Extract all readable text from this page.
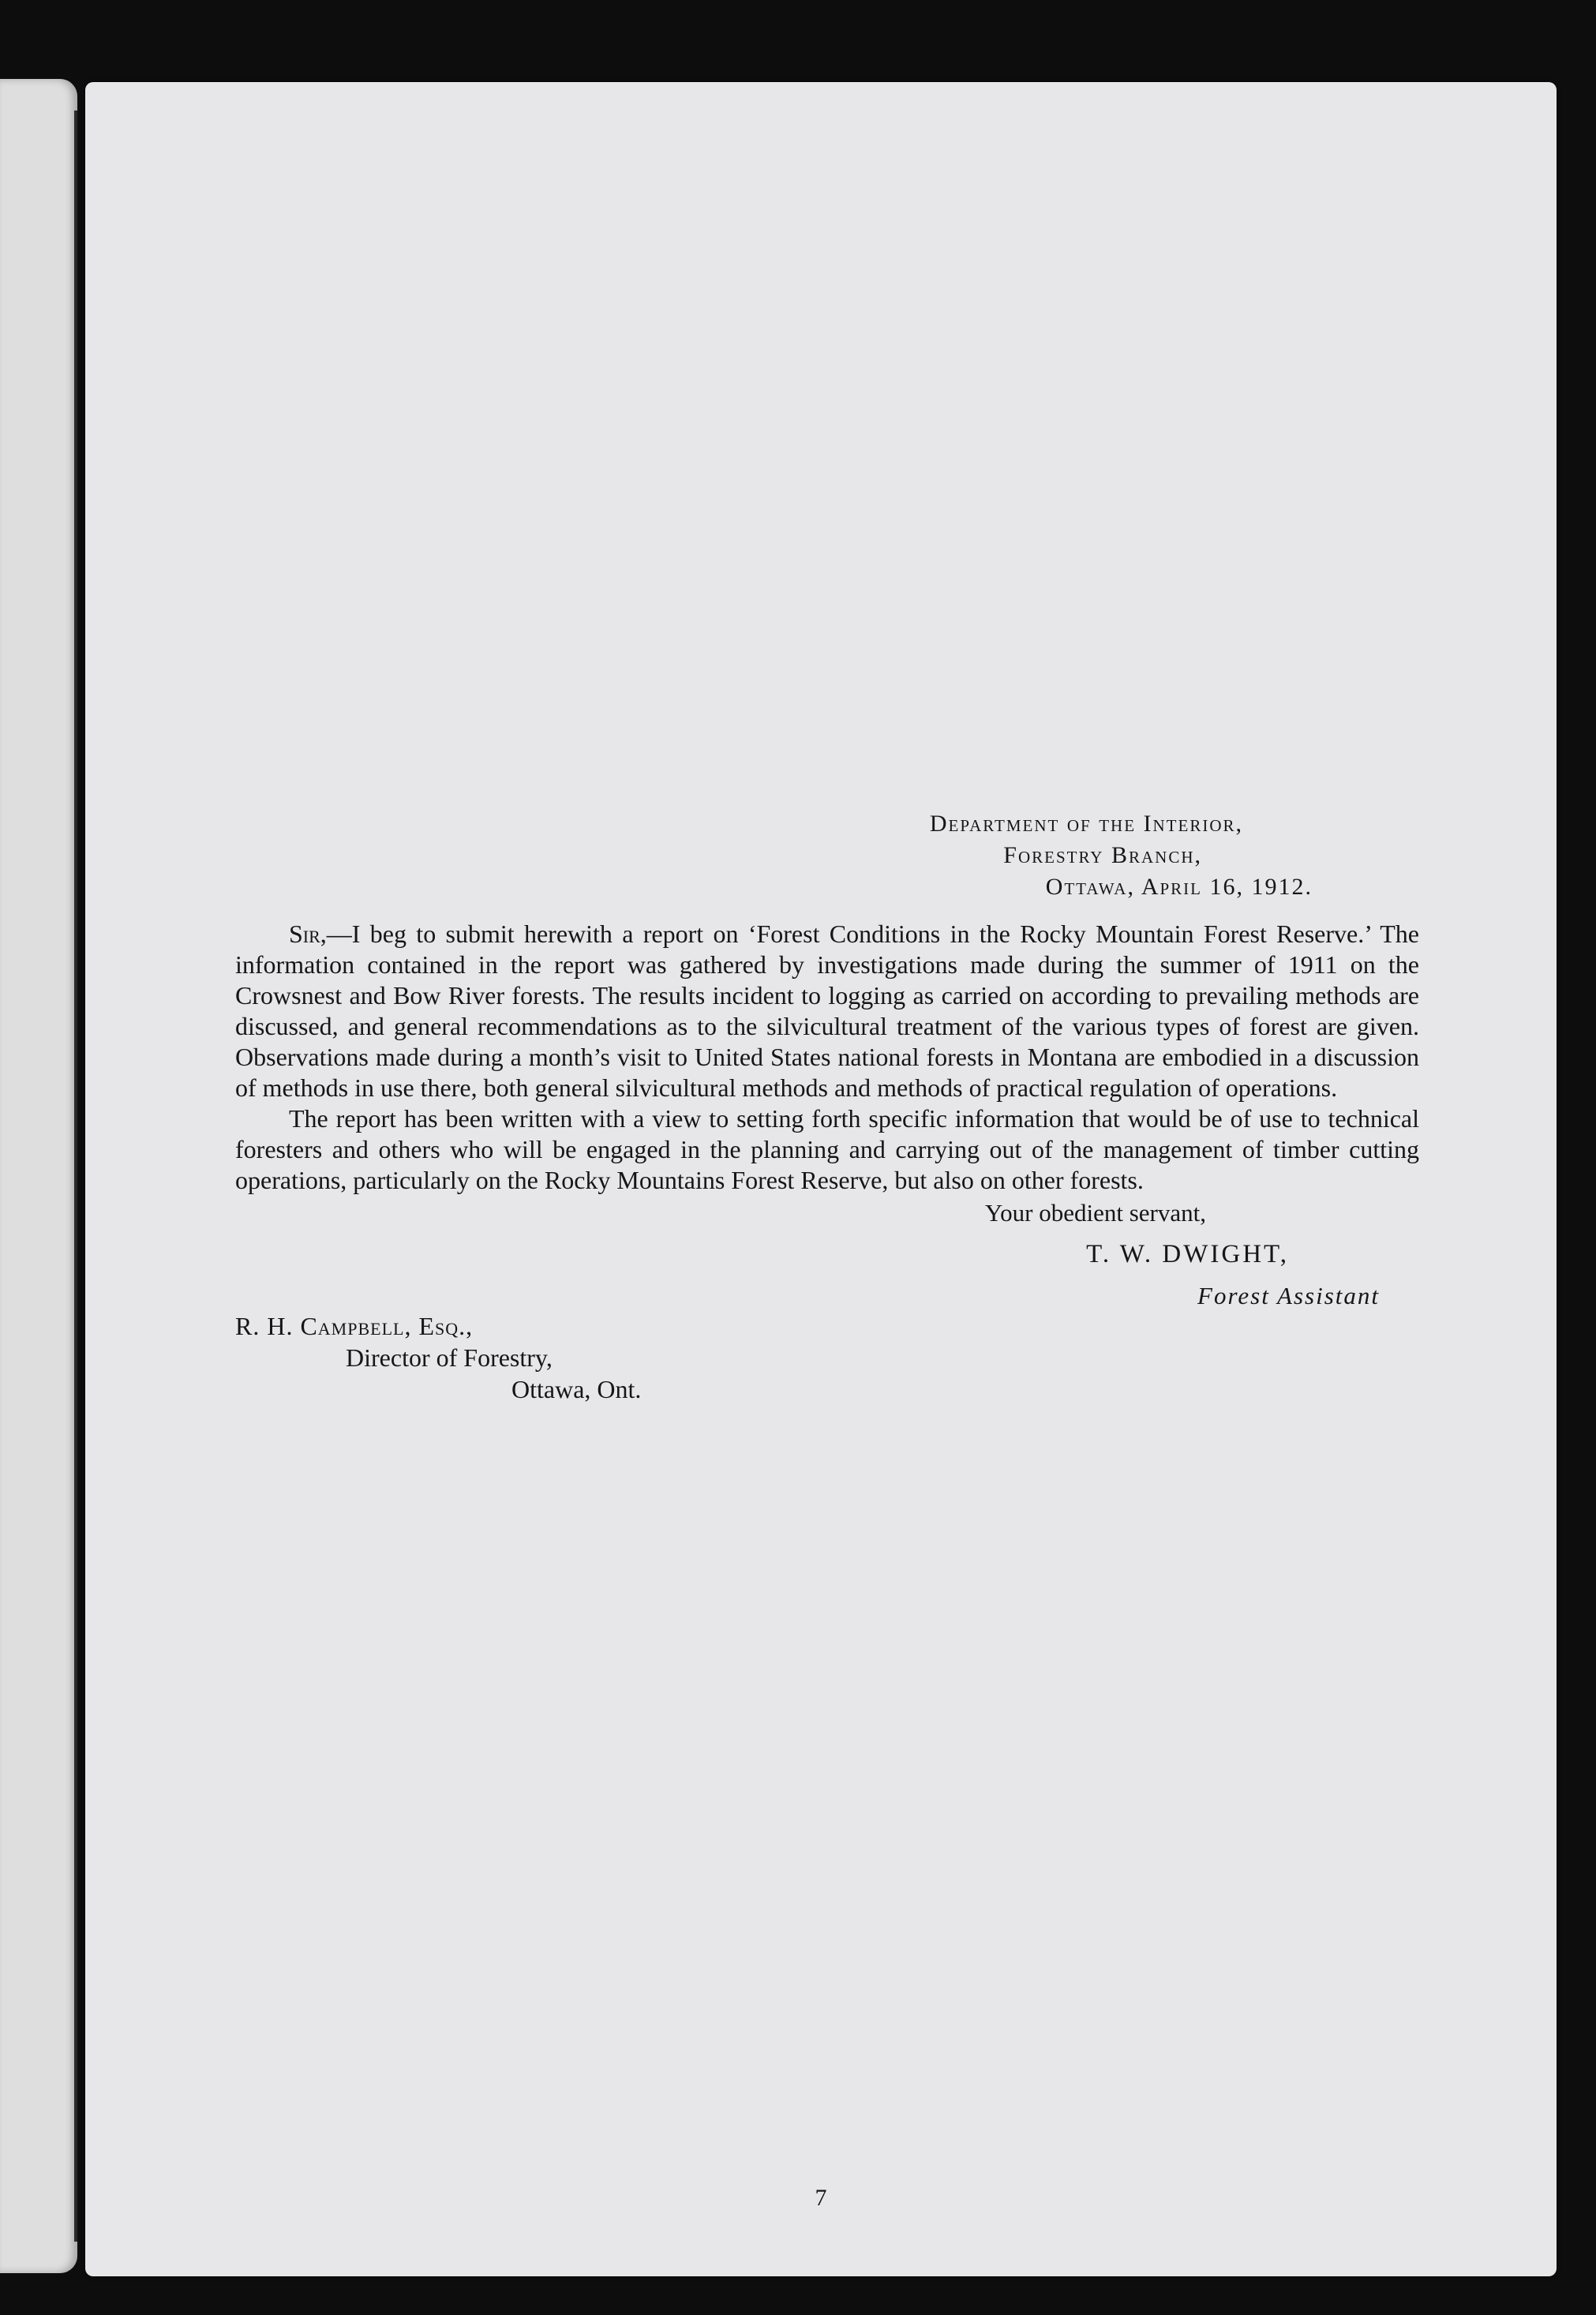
Department of the Interior,
Forestry Branch,
Ottawa, April 16, 1912.

Sir,—I beg to submit herewith a report on ‘Forest Conditions in the Rocky Mountain Forest Reserve.’ The information contained in the report was gathered by investigations made during the summer of 1911 on the Crowsnest and Bow River forests. The results incident to logging as carried on according to prevailing methods are discussed, and general recommendations as to the silvicultural treatment of the various types of forest are given. Observations made during a month’s visit to United States national forests in Montana are embodied in a discussion of methods in use there, both general silvicultural methods and methods of practical regulation of operations.

The report has been written with a view to setting forth specific information that would be of use to technical foresters and others who will be engaged in the planning and carrying out of the management of timber cutting operations, particularly on the Rocky Mountains Forest Reserve, but also on other forests.

Your obedient servant,
T. W. DWIGHT,
Forest Assistant
R. H. Campbell, Esq.,
Director of Forestry,
Ottawa, Ont.
7
